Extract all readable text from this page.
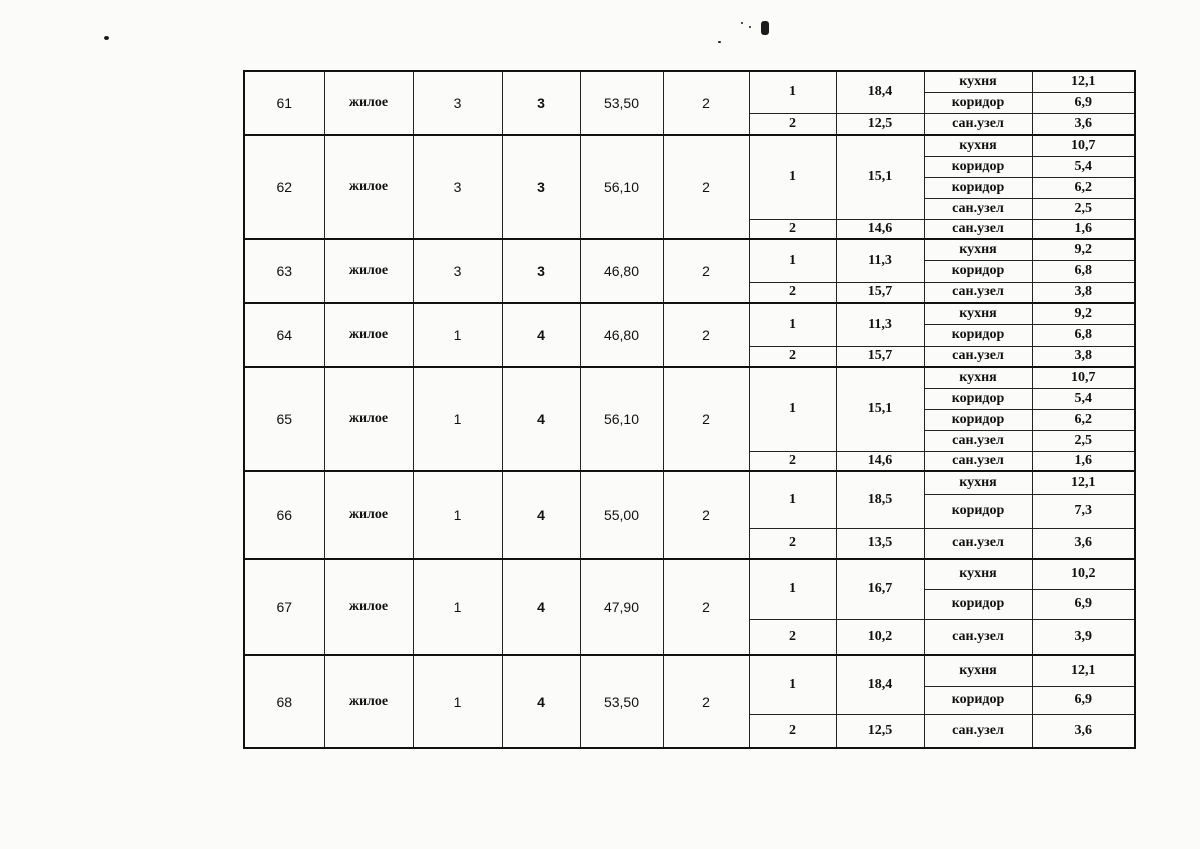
61	жилое	3	3	53,50	2	1	18,4	кухня	12,1
								коридор	6,9
						2	12,5	сан.узел	3,6
62	жилое	3	3	56,10	2	1	15,1	кухня	10,7
								коридор	5,4
								коридор	6,2
								сан.узел	2,5
						2	14,6	сан.узел	1,6
63	жилое	3	3	46,80	2	1	11,3	кухня	9,2
								коридор	6,8
						2	15,7	сан.узел	3,8
64	жилое	1	4	46,80	2	1	11,3	кухня	9,2
								коридор	6,8
						2	15,7	сан.узел	3,8
65	жилое	1	4	56,10	2	1	15,1	кухня	10,7
								коридор	5,4
								коридор	6,2
								сан.узел	2,5
						2	14,6	сан.узел	1,6
66	жилое	1	4	55,00	2	1	18,5	кухня	12,1
								коридор	7,3
						2	13,5	сан.узел	3,6
67	жилое	1	4	47,90	2	1	16,7	кухня	10,2
								коридор	6,9
						2	10,2	сан.узел	3,9
68	жилое	1	4	53,50	2	1	18,4	кухня	12,1
								коридор	6,9
						2	12,5	сан.узел	3,6
